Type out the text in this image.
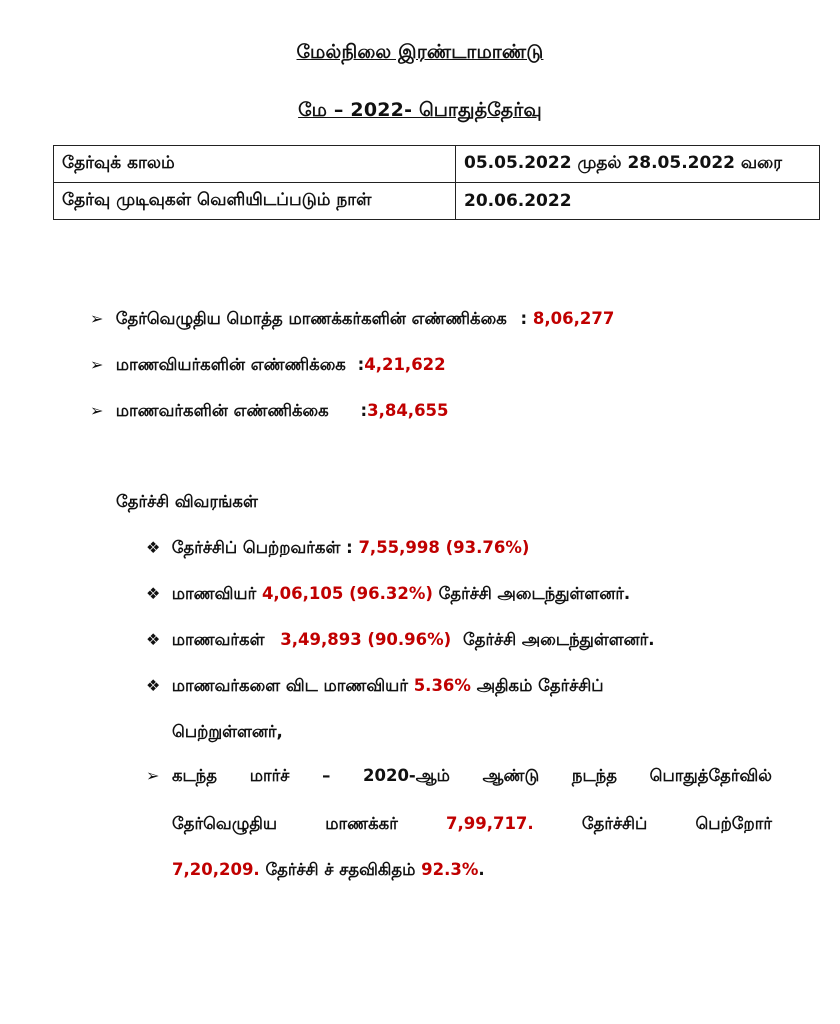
மேல்நிலை இரண்டாமாண்டு
மே – 2022- பொதுத்தேர்வு
தேர்வுக் காலம்	05.05.2022 முதல் 28.05.2022 வரை
தேர்வு முடிவுகள் வெளியிடப்படும் நாள்	20.06.2022
➢ தேர்வெழுதிய மொத்த மாணக்கர்களின் எண்ணிக்கை : 8,06,277
➢ மாணவியர்களின் எண்ணிக்கை :4,21,622
➢ மாணவர்களின் எண்ணிக்கை :3,84,655
தேர்ச்சி விவரங்கள்
❖ தேர்ச்சிப் பெற்றவர்கள் : 7,55,998 (93.76%)
❖ மாணவியர் 4,06,105 (96.32%) தேர்ச்சி அடைந்துள்ளனர்.
❖ மாணவர்கள் 3,49,893 (90.96%) தேர்ச்சி அடைந்துள்ளனர்.
❖ மாணவர்களை விட மாணவியர் 5.36% அதிகம் தேர்ச்சிப்
பெற்றுள்ளனர்,
➢ கடந்த மார்ச் – 2020-ஆம் ஆண்டு நடந்த பொதுத்தேர்வில்
தேர்வெழுதிய	மாணக்கர்	7,99,717.	தேர்ச்சிப்	பெற்றோர்
7,20,209. தேர்ச்சி ச் சதவிகிதம் 92.3%.
